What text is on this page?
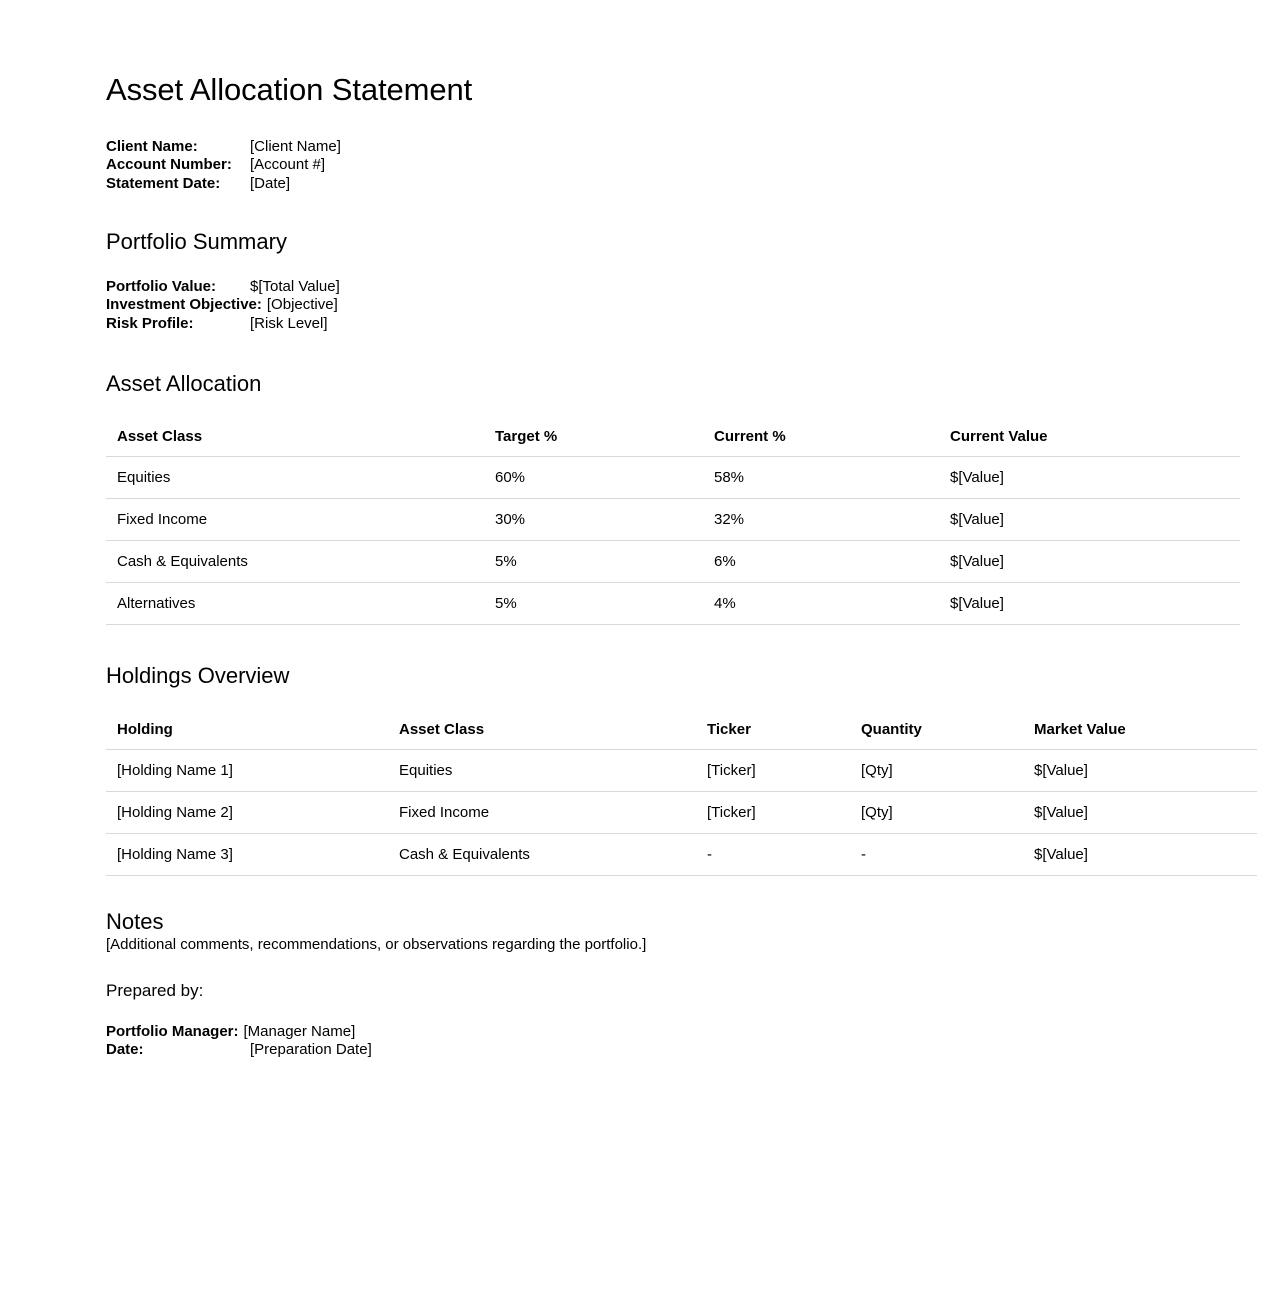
Asset Allocation Statement
Client Name:	[Client Name]
Account Number:	[Account #]
Statement Date:	[Date]
Portfolio Summary
Portfolio Value:	$[Total Value]
Investment Objective: [Objective]
Risk Profile:	[Risk Level]
Asset Allocation
Asset Class	Target %	Current %	Current Value
Equities	60%	58%	$[Value]
Fixed Income	30%	32%	$[Value]
Cash & Equivalents	5%	6%	$[Value]
Alternatives	5%	4%	$[Value]
Holdings Overview
Holding	Asset Class	Ticker	Quantity	Market Value
[Holding Name 1]	Equities	[Ticker]	[Qty]	$[Value]
[Holding Name 2]	Fixed Income	[Ticker]	[Qty]	$[Value]
[Holding Name 3]	Cash & Equivalents	-	-	$[Value]
Notes

[Additional comments, recommendations, or observations regarding the portfolio.]

Prepared by:
Portfolio Manager: [Manager Name]
Date:	[Preparation Date]
